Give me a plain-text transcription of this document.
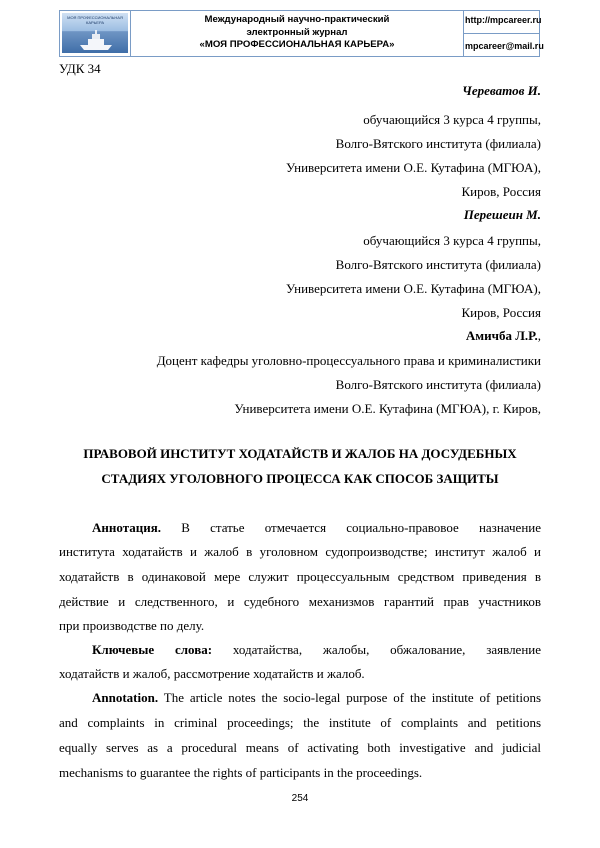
МОЯ ПРОФЕССИОНАЛЬНАЯ КАРЬЕРА	Международный научно-практический
электронный журнал
«МОЯ ПРОФЕССИОНАЛЬНАЯ КАРЬЕРА»
http://mpcareer.ru
mpcareer@mail.ru
УДК 34
Череватов И.
обучающийся 3 курса 4 группы,
Волго-Вятского института (филиала)
Университета имени О.Е. Кутафина (МГЮА),
Киров, Россия
Перешеин М.
обучающийся 3 курса 4 группы,
Волго-Вятского института (филиала)
Университета имени О.Е. Кутафина (МГЮА),
Киров, Россия
Амичба Л.Р.,
Доцент кафедры уголовно-процессуального права и криминалистики
Волго-Вятского института (филиала)
Университета имени О.Е. Кутафина (МГЮА), г. Киров,
ПРАВОВОЙ ИНСТИТУТ ХОДАТАЙСТВ И ЖАЛОБ НА ДОСУДЕБНЫХ
СТАДИЯХ УГОЛОВНОГО ПРОЦЕССА КАК СПОСОБ ЗАЩИТЫ
Аннотация. В статье отмечается социально-правовое назначение
института ходатайств и жалоб в уголовном судопроизводстве; институт жалоб и
ходатайств в одинаковой мере служит процессуальным средством приведения в
действие и следственного, и судебного механизмов гарантий прав участников
при производстве по делу.
Ключевые слова: ходатайства, жалобы, обжалование, заявление
ходатайств и жалоб, рассмотрение ходатайств и жалоб.
Annotation. The article notes the socio-legal purpose of the institute of petitions
and complaints in criminal proceedings; the institute of complaints and petitions
equally serves as a procedural means of activating both investigative and judicial
mechanisms to guarantee the rights of participants in the proceedings.
254
